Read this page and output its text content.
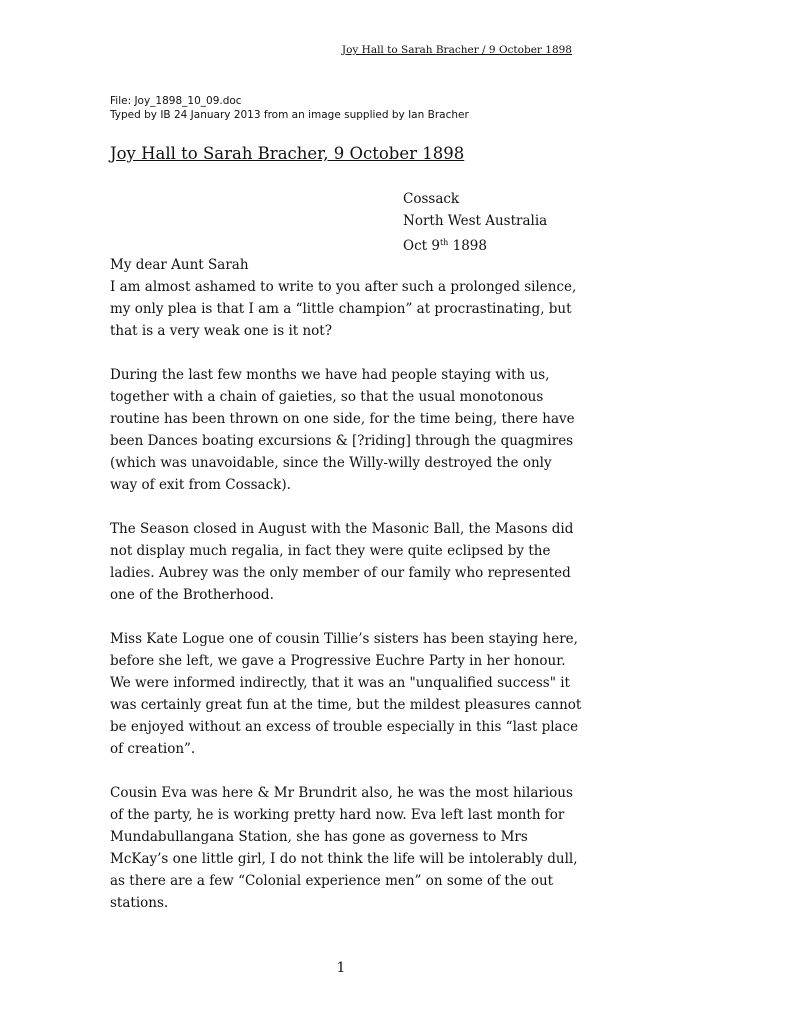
Joy Hall to Sarah Bracher / 9 October 1898
File: Joy_1898_10_09.doc
Typed by IB 24 January 2013 from an image supplied by Ian Bracher
Joy Hall to Sarah Bracher, 9 October 1898
Cossack
North West Australia
Oct 9th 1898

My dear Aunt Sarah

I am almost ashamed to write to you after such a prolonged silence, my only plea is that I am a “little champion” at procrastinating, but that is a very weak one is it not?

During the last few months we have had people staying with us, together with a chain of gaieties, so that the usual monotonous routine has been thrown on one side, for the time being, there have been Dances boating excursions & [?riding] through the quagmires (which was unavoidable, since the Willy-willy destroyed the only way of exit from Cossack).

The Season closed in August with the Masonic Ball, the Masons did not display much regalia, in fact they were quite eclipsed by the ladies. Aubrey was the only member of our family who represented one of the Brotherhood.

Miss Kate Logue one of cousin Tillie’s sisters has been staying here, before she left, we gave a Progressive Euchre Party in her honour. We were informed indirectly, that it was an "unqualified success" it was certainly great fun at the time, but the mildest pleasures cannot be enjoyed without an excess of trouble especially in this “last place of creation”.

Cousin Eva was here & Mr Brundrit also, he was the most hilarious of the party, he is working pretty hard now. Eva left last month for Mundabullangana Station, she has gone as governess to Mrs McKay’s one little girl, I do not think the life will be intolerably dull, as there are a few “Colonial experience men” on some of the out stations.

1
